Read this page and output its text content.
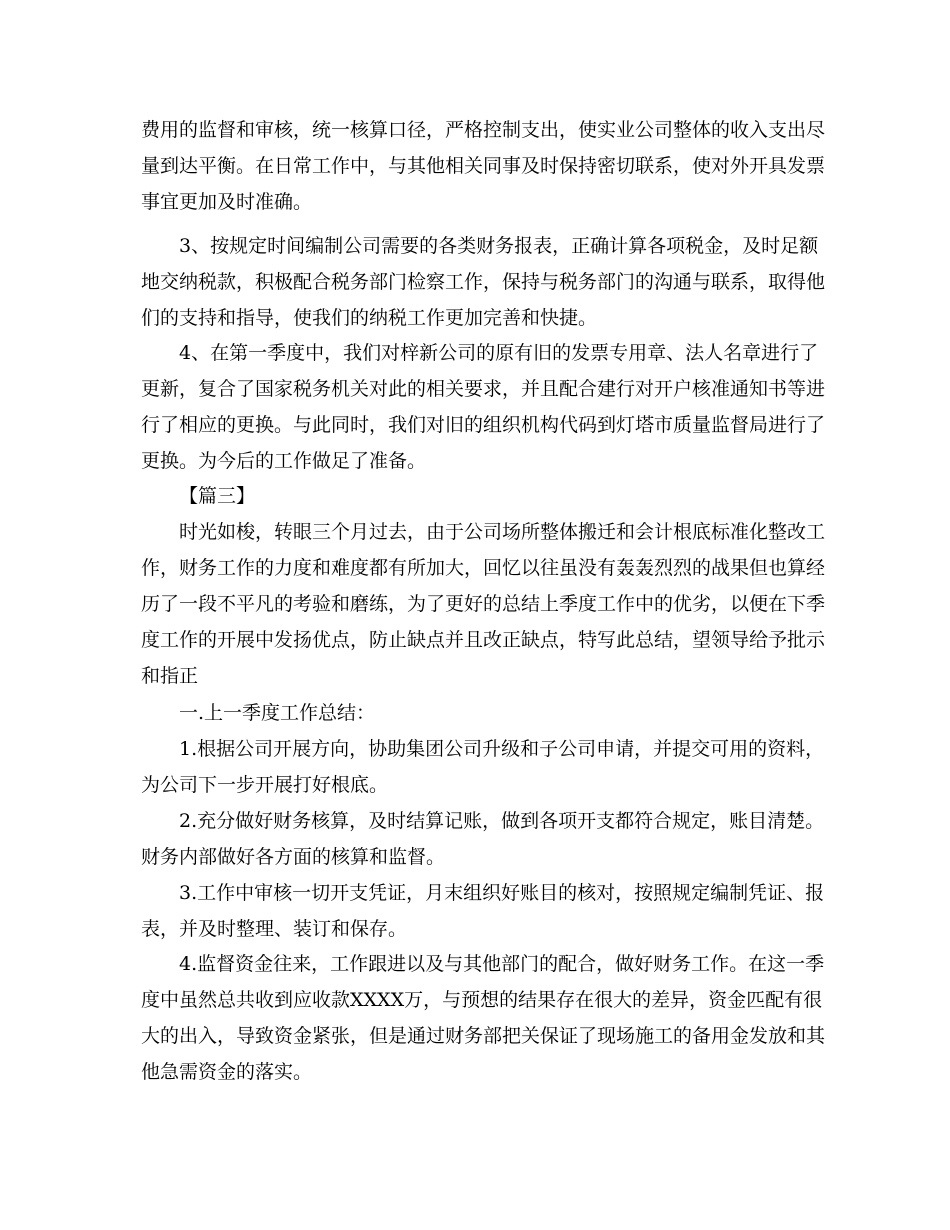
费用的监督和审核，统一核算口径，严格控制支出，使实业公司整体的收入支出尽
量到达平衡。在日常工作中，与其他相关同事及时保持密切联系，使对外开具发票
事宜更加及时准确。

3、按规定时间编制公司需要的各类财务报表，正确计算各项税金，及时足额
地交纳税款，积极配合税务部门检察工作，保持与税务部门的沟通与联系，取得他
们的支持和指导，使我们的纳税工作更加完善和快捷。

4、在第一季度中，我们对梓新公司的原有旧的发票专用章、法人名章进行了
更新，复合了国家税务机关对此的相关要求，并且配合建行对开户核准通知书等进
行了相应的更换。与此同时，我们对旧的组织机构代码到灯塔市质量监督局进行了
更换。为今后的工作做足了准备。

【篇三】

时光如梭，转眼三个月过去，由于公司场所整体搬迁和会计根底标准化整改工
作，财务工作的力度和难度都有所加大，回忆以往虽没有轰轰烈烈的战果但也算经
历了一段不平凡的考验和磨练，为了更好的总结上季度工作中的优劣，以便在下季
度工作的开展中发扬优点，防止缺点并且改正缺点，特写此总结，望领导给予批示
和指正

一.上一季度工作总结：

1.根据公司开展方向，协助集团公司升级和子公司申请，并提交可用的资料，
为公司下一步开展打好根底。

2.充分做好财务核算，及时结算记账，做到各项开支都符合规定，账目清楚。
财务内部做好各方面的核算和监督。

3.工作中审核一切开支凭证，月末组织好账目的核对，按照规定编制凭证、报
表，并及时整理、装订和保存。

4.监督资金往来，工作跟进以及与其他部门的配合，做好财务工作。在这一季
度中虽然总共收到应收款XXXX万，与预想的结果存在很大的差异，资金匹配有很
大的出入，导致资金紧张，但是通过财务部把关保证了现场施工的备用金发放和其
他急需资金的落实。
